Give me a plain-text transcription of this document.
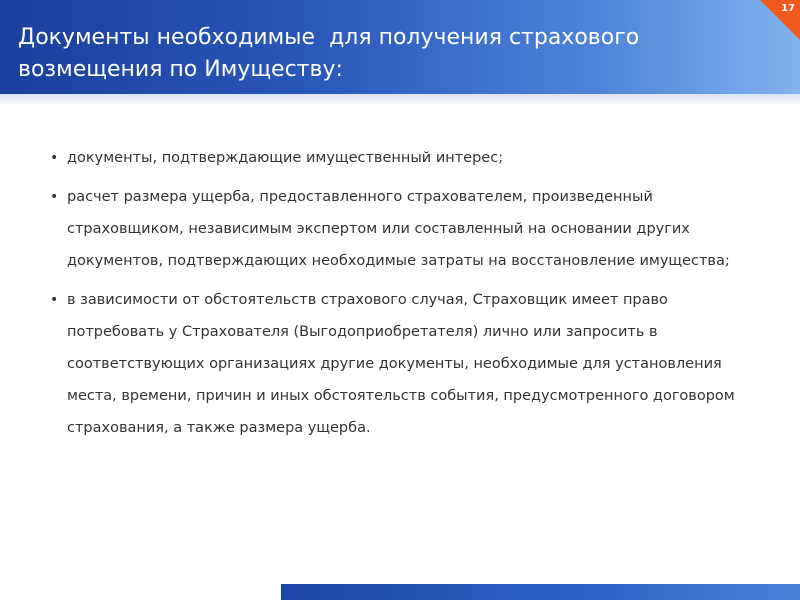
Документы необходимые  для получения страхового
возмещения по Имуществу:
17
• документы, подтверждающие имущественный интерес;
• расчет размера ущерба, предоставленного страхователем, произведенный страховщиком, независимым экспертом или составленный на основании других документов, подтверждающих необходимые затраты на восстановление имущества;
• в зависимости от обстоятельств страхового случая, Страховщик имеет право потребовать у Страхователя (Выгодоприобретателя) лично или запросить в соответствующих организациях другие документы, необходимые для установления места, времени, причин и иных обстоятельств события, предусмотренного договором страхования, а также размера ущерба.
